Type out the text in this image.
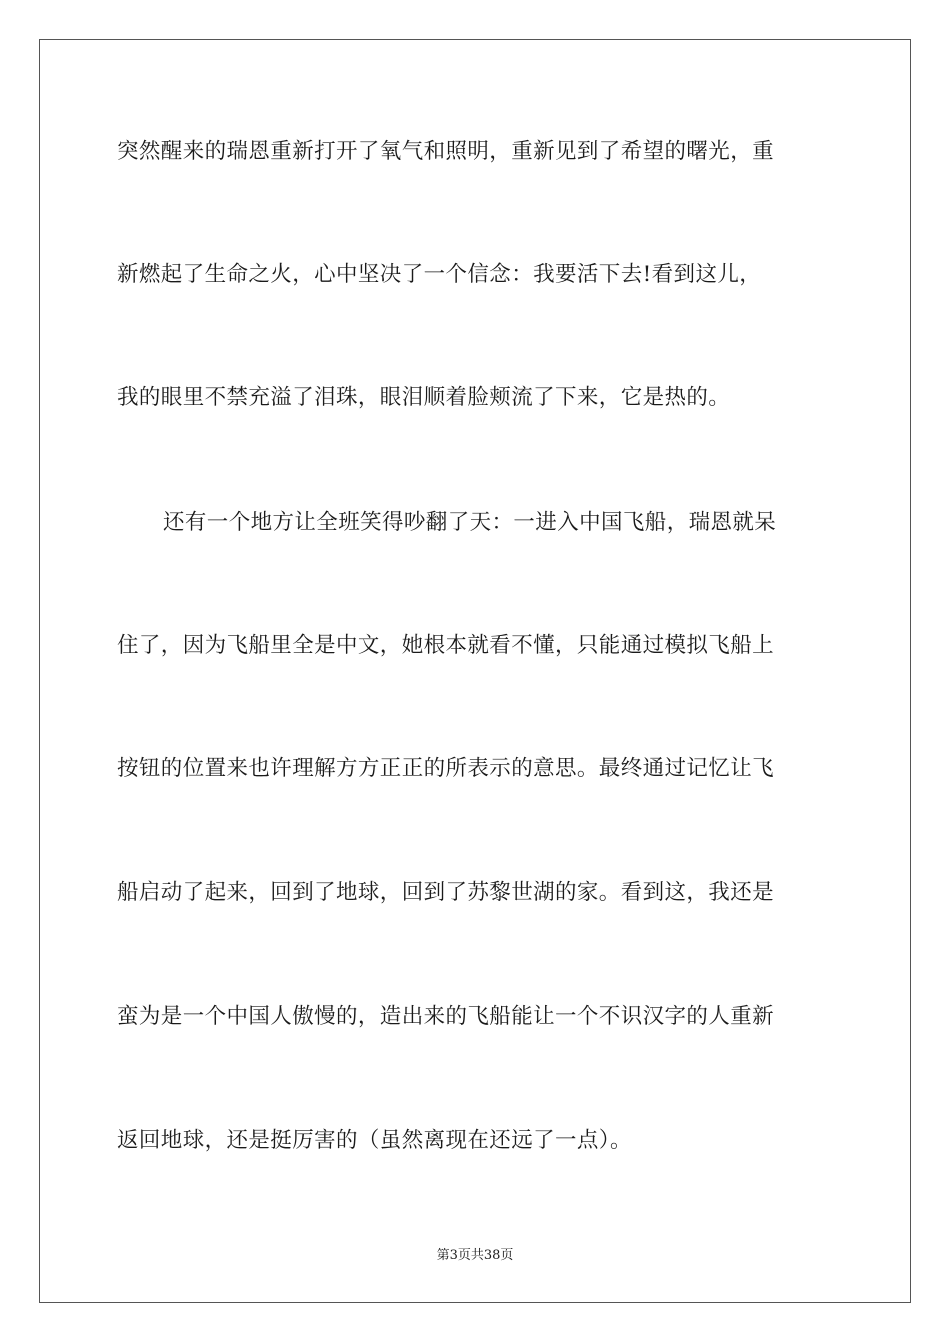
突然醒来的瑞恩重新打开了氧气和照明，重新见到了希望的曙光，重
新燃起了生命之火，心中坚决了一个信念：我要活下去!看到这儿，
我的眼里不禁充溢了泪珠，眼泪顺着脸颊流了下来，它是热的。
还有一个地方让全班笑得吵翻了天：一进入中国飞船，瑞恩就呆
住了，因为飞船里全是中文，她根本就看不懂，只能通过模拟飞船上
按钮的位置来也许理解方方正正的所表示的意思。最终通过记忆让飞
船启动了起来，回到了地球，回到了苏黎世湖的家。看到这，我还是
蛮为是一个中国人傲慢的，造出来的飞船能让一个不识汉字的人重新
返回地球，还是挺厉害的（虽然离现在还远了一点）。
第3页共38页
